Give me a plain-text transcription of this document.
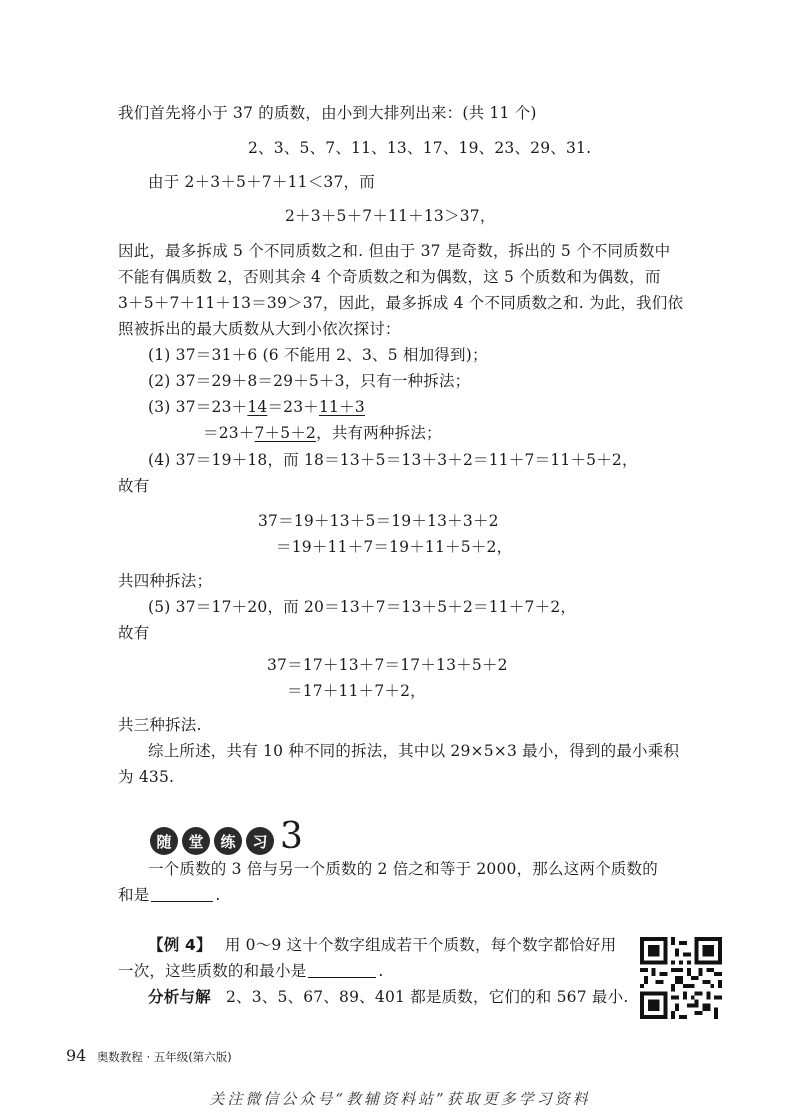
我们首先将小于 37 的质数，由小到大排列出来：(共 11 个)
2、3、5、7、11、13、17、19、23、29、31.
由于 2＋3＋5＋7＋11＜37，而
2＋3＋5＋7＋11＋13＞37，
因此，最多拆成 5 个不同质数之和. 但由于 37 是奇数，拆出的 5 个不同质数中
不能有偶质数 2，否则其余 4 个奇质数之和为偶数，这 5 个质数和为偶数，而
3＋5＋7＋11＋13＝39＞37，因此，最多拆成 4 个不同质数之和. 为此，我们依
照被拆出的最大质数从大到小依次探讨：
(1) 37＝31＋6 (6 不能用 2、3、5 相加得到)；
(2) 37＝29＋8＝29＋5＋3，只有一种拆法；
(3) 37＝23＋14＝23＋11＋3
＝23＋7＋5＋2，共有两种拆法；
(4) 37＝19＋18，而 18＝13＋5＝13＋3＋2＝11＋7＝11＋5＋2，
故有
37＝19＋13＋5＝19＋13＋3＋2
＝19＋11＋7＝19＋11＋5＋2，
共四种拆法；
(5) 37＝17＋20，而 20＝13＋7＝13＋5＋2＝11＋7＋2，
故有
37＝17＋13＋7＝17＋13＋5＋2
＝17＋11＋7＋2，
共三种拆法.
综上所述，共有 10 种不同的拆法，其中以 29×5×3 最小，得到的最小乘积
为 435.
随	堂	练	习 3
一个质数的 3 倍与另一个质数的 2 倍之和等于 2000，那么这两个质数的
和是	.
【例 4】 用 0～9 这十个数字组成若干个质数，每个数字都恰好用
一次，这些质数的和最小是	.
分析与解 2、3、5、67、89、401 都是质数，它们的和 567 最小.
94 奥数教程 · 五年级(第六版)
关注微信公众号“教辅资料站”获取更多学习资料
